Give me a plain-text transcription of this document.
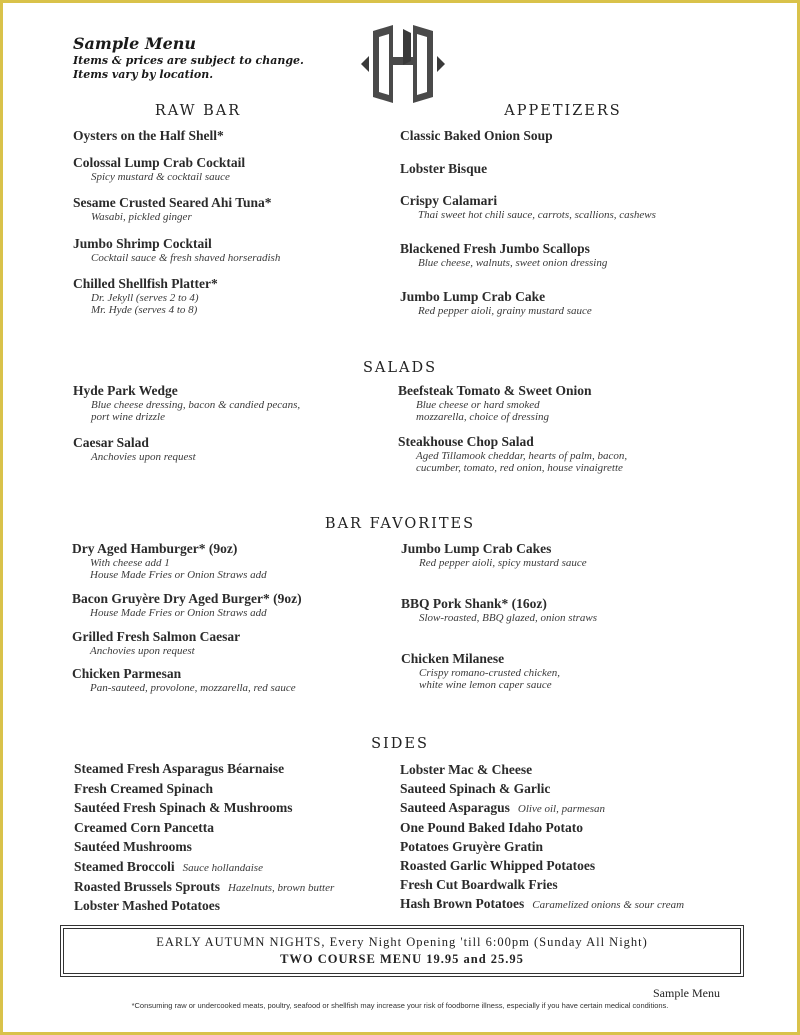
Sample Menu
Items & prices are subject to change.
Items vary by location.
RAW BAR
Oysters on the Half Shell*
Colossal Lump Crab Cocktail
Spicy mustard & cocktail sauce
Sesame Crusted Seared Ahi Tuna*
Wasabi, pickled ginger
Jumbo Shrimp Cocktail
Cocktail sauce & fresh shaved horseradish
Chilled Shellfish Platter*
Dr. Jekyll (serves 2 to 4)
Mr. Hyde (serves 4 to 8)
APPETIZERS
Classic Baked Onion Soup
Lobster Bisque
Crispy Calamari
Thai sweet hot chili sauce, carrots, scallions, cashews
Blackened Fresh Jumbo Scallops
Blue cheese, walnuts, sweet onion dressing
Jumbo Lump Crab Cake
Red pepper aioli, grainy mustard sauce
SALADS
Hyde Park Wedge
Blue cheese dressing, bacon & candied pecans,
port wine drizzle
Caesar Salad
Anchovies upon request
Beefsteak Tomato & Sweet Onion
Blue cheese or hard smoked
mozzarella, choice of dressing
Steakhouse Chop Salad
Aged Tillamook cheddar, hearts of palm, bacon,
cucumber, tomato, red onion, house vinaigrette
BAR FAVORITES
Dry Aged Hamburger* (9oz)
With cheese add 1
House Made Fries or Onion Straws add
Bacon Gruyère Dry Aged Burger* (9oz)
House Made Fries or Onion Straws add
Grilled Fresh Salmon Caesar
Anchovies upon request
Chicken Parmesan
Pan-sauteed, provolone, mozzarella, red sauce
Jumbo Lump Crab Cakes
Red pepper aioli, spicy mustard sauce
BBQ Pork Shank* (16oz)
Slow-roasted, BBQ glazed, onion straws
Chicken Milanese
Crispy romano-crusted chicken,
white wine lemon caper sauce
SIDES
Steamed Fresh Asparagus Béarnaise
Fresh Creamed Spinach
Sautéed Fresh Spinach & Mushrooms
Creamed Corn Pancetta
Sautéed Mushrooms
Steamed Broccoli Sauce hollandaise
Roasted Brussels Sprouts Hazelnuts, brown butter
Lobster Mashed Potatoes
Lobster Mac & Cheese
Sauteed Spinach & Garlic
Sauteed Asparagus Olive oil, parmesan
One Pound Baked Idaho Potato
Potatoes Gruyère Gratin
Roasted Garlic Whipped Potatoes
Fresh Cut Boardwalk Fries
Hash Brown Potatoes Caramelized onions & sour cream
EARLY AUTUMN NIGHTS, Every Night Opening 'till 6:00pm (Sunday All Night)
TWO COURSE MENU 19.95 and 25.95
Sample Menu
*Consuming raw or undercooked meats, poultry, seafood or shellfish may increase your risk of foodborne illness, especially if you have certain medical conditions.
